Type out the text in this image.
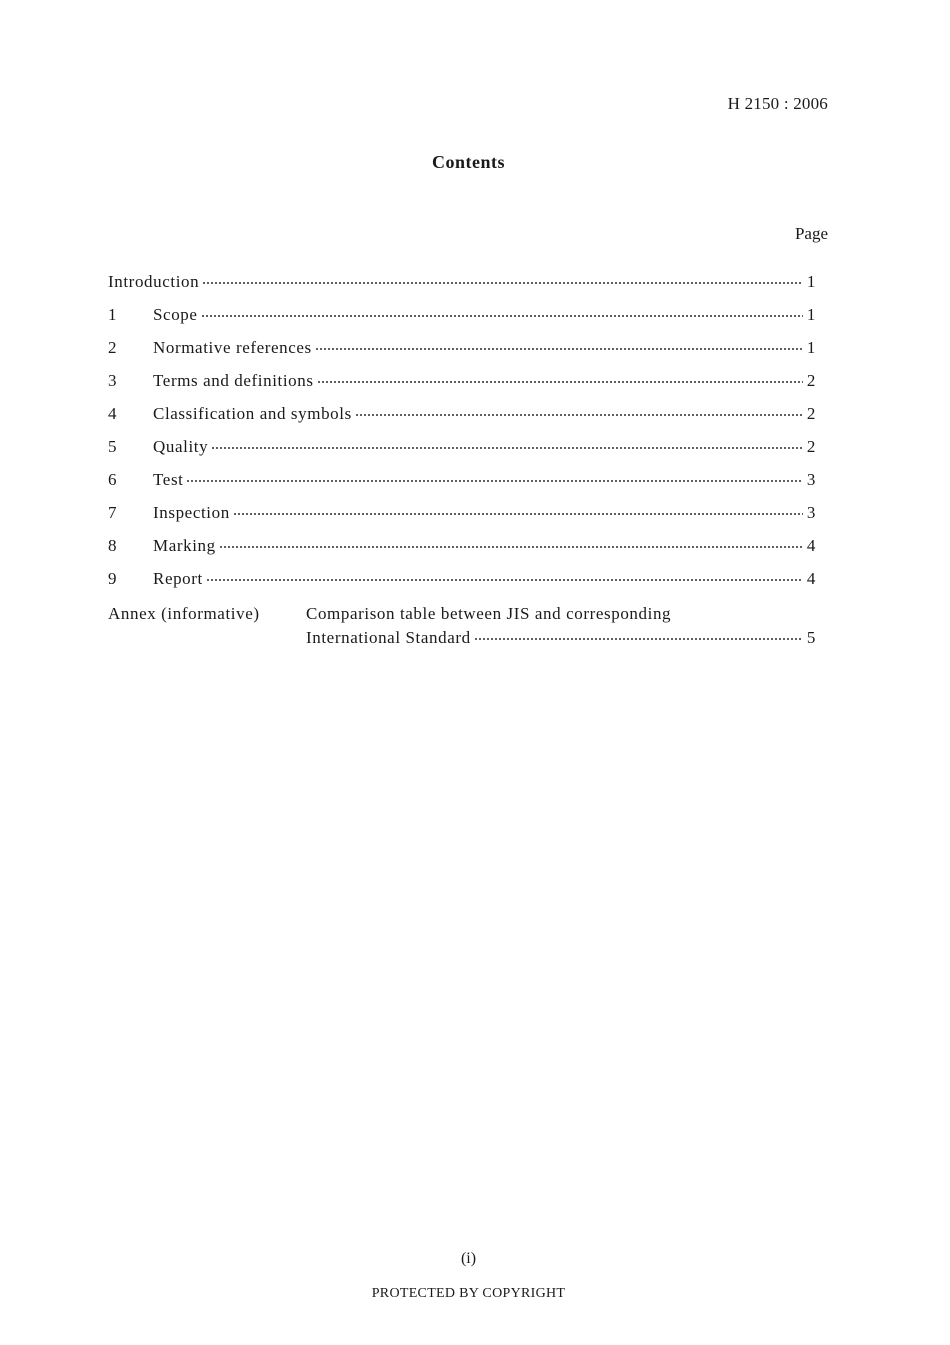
H 2150 : 2006
Contents
Page
Introduction	1
1	Scope	1
2	Normative references	1
3	Terms and definitions	2
4	Classification and symbols	2
5	Quality	2
6	Test	3
7	Inspection	3
8	Marking	4
9	Report	4
Annex (informative)	Comparison table between JIS and corresponding
International Standard	5
(i)
PROTECTED BY COPYRIGHT
